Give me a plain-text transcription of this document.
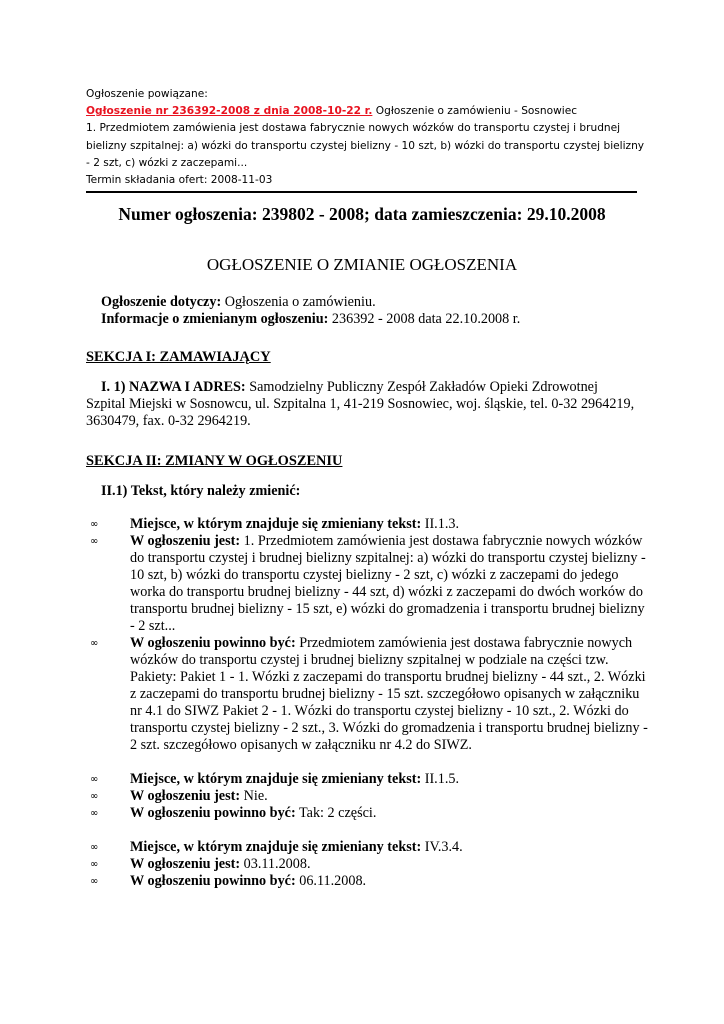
Ogłoszenie powiązane:

Ogłoszenie nr 236392-2008 z dnia 2008-10-22 r. Ogłoszenie o zamówieniu - Sosnowiec

1. Przedmiotem zamówienia jest dostawa fabrycznie nowych wózków do transportu czystej i brudnej bielizny szpitalnej: a) wózki do transportu czystej bielizny - 10 szt, b) wózki do transportu czystej bielizny - 2 szt, c) wózki z zaczepami...

Termin składania ofert: 2008-11-03

Numer ogłoszenia: 239802 - 2008; data zamieszczenia: 29.10.2008
OGŁOSZENIE O ZMIANIE OGŁOSZENIA

Ogłoszenie dotyczy: Ogłoszenia o zamówieniu.

Informacje o zmienianym ogłoszeniu: 236392 - 2008 data 22.10.2008 r.

SEKCJA I: ZAMAWIAJĄCY

I. 1) NAZWA I ADRES: Samodzielny Publiczny Zespół Zakładów Opieki Zdrowotnej Szpital Miejski w Sosnowcu, ul. Szpitalna 1, 41-219 Sosnowiec, woj. śląskie, tel. 0-32 2964219, 3630479, fax. 0-32 2964219.

SEKCJA II: ZMIANY W OGŁOSZENIU
II.1) Tekst, który należy zmienić:
∞ Miejsce, w którym znajduje się zmieniany tekst: II.1.3.
∞ W ogłoszeniu jest: 1. Przedmiotem zamówienia jest dostawa fabrycznie nowych wózków do transportu czystej i brudnej bielizny szpitalnej: a) wózki do transportu czystej bielizny - 10 szt, b) wózki do transportu czystej bielizny - 2 szt, c) wózki z zaczepami do jedego worka do transportu brudnej bielizny - 44 szt, d) wózki z zaczepami do dwóch worków do transportu brudnej bielizny - 15 szt, e) wózki do gromadzenia i transportu brudnej bielizny - 2 szt...
∞ W ogłoszeniu powinno być: Przedmiotem zamówienia jest dostawa fabrycznie nowych wózków do transportu czystej i brudnej bielizny szpitalnej w podziale na części tzw. Pakiety: Pakiet 1 - 1. Wózki z zaczepami do transportu brudnej bielizny - 44 szt., 2. Wózki z zaczepami do transportu brudnej bielizny - 15 szt. szczegółowo opisanych w załączniku nr 4.1 do SIWZ Pakiet 2 - 1. Wózki do transportu czystej bielizny - 10 szt., 2. Wózki do transportu czystej bielizny - 2 szt., 3. Wózki do gromadzenia i transportu brudnej bielizny - 2 szt. szczegółowo opisanych w załączniku nr 4.2 do SIWZ.
∞ Miejsce, w którym znajduje się zmieniany tekst: II.1.5.
∞ W ogłoszeniu jest: Nie.
∞ W ogłoszeniu powinno być: Tak: 2 części.
∞ Miejsce, w którym znajduje się zmieniany tekst: IV.3.4.
∞ W ogłoszeniu jest: 03.11.2008.
∞ W ogłoszeniu powinno być: 06.11.2008.
